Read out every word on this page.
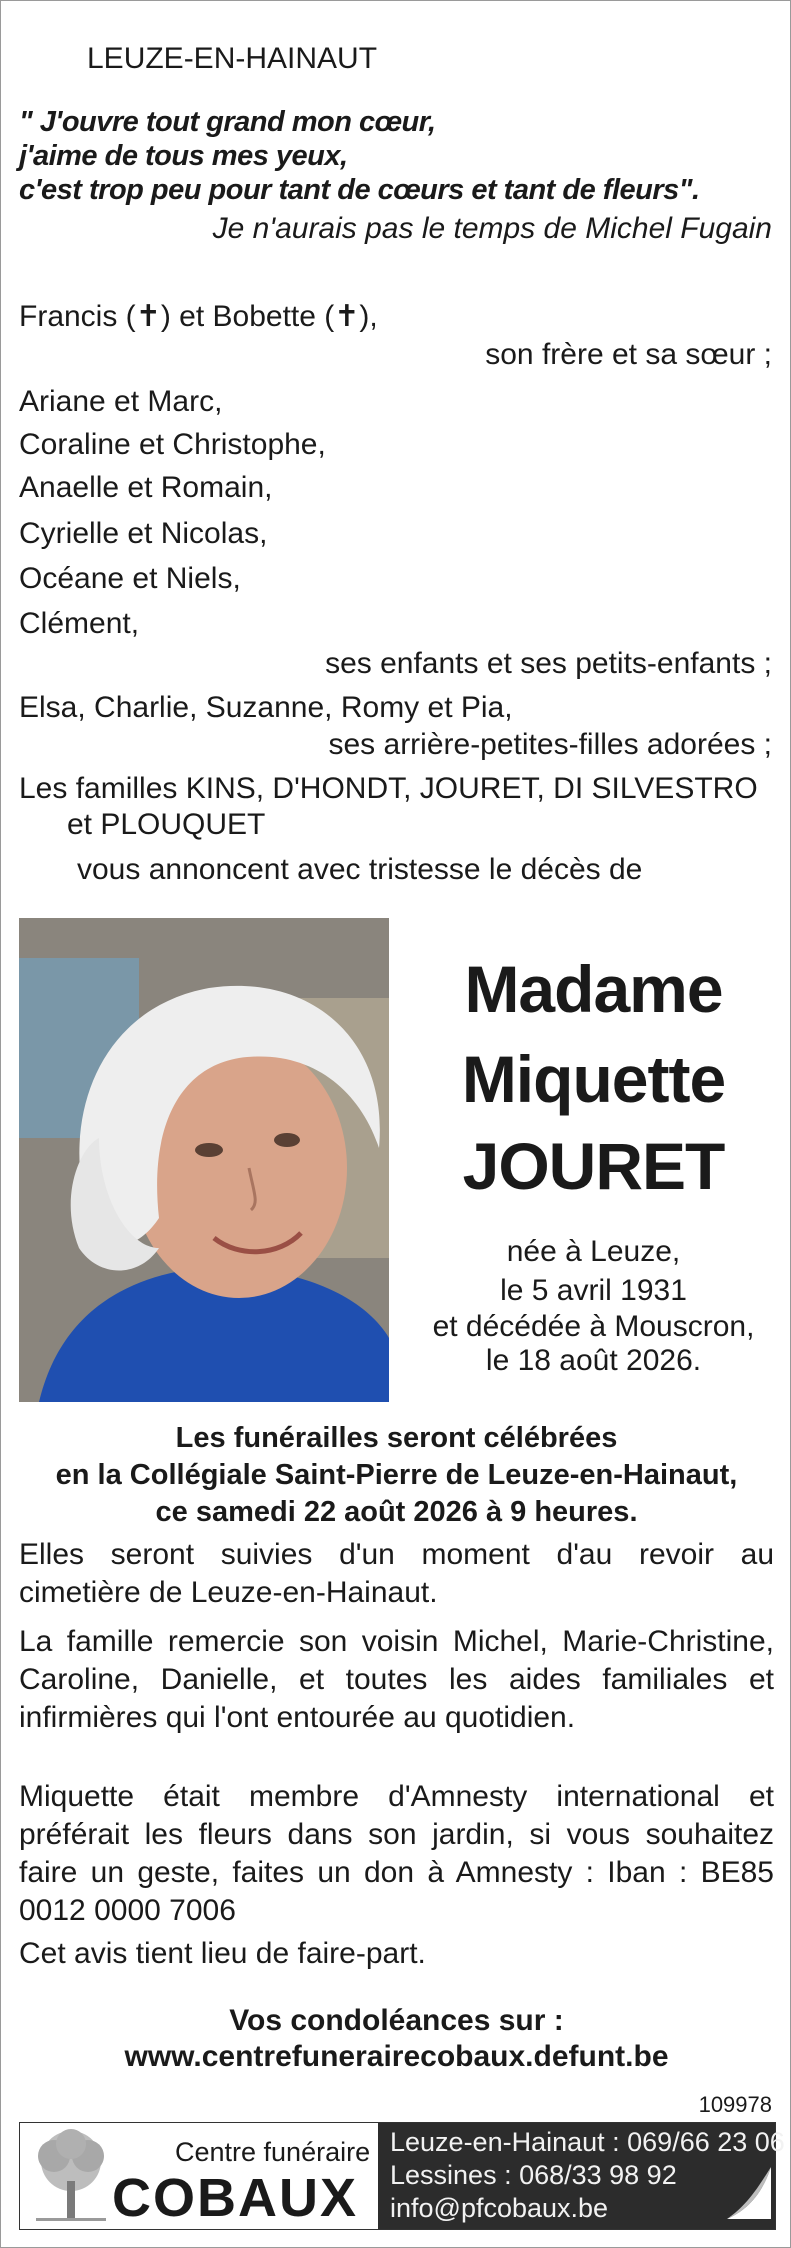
LEUZE-EN-HAINAUT
" J'ouvre tout grand mon cœur,
j'aime de tous mes yeux,
c'est trop peu pour tant de cœurs et tant de fleurs".
Je n'aurais pas le temps de Michel Fugain
Francis (✝) et Bobette (✝),
son frère et sa sœur ;
Ariane et Marc,
Coraline et Christophe,
Anaelle et Romain,
Cyrielle et Nicolas,
Océane et Niels,
Clément,
ses enfants et ses petits-enfants ;
Elsa, Charlie, Suzanne, Romy et Pia,
ses arrière-petites-filles adorées ;
Les familles KINS, D'HONDT, JOURET, DI SILVESTRO
et PLOUQUET
vous annoncent avec tristesse le décès de
Madame
Miquette
JOURET
née à Leuze,
le 5 avril 1931
et décédée à Mouscron,
le 18 août 2026.
Les funérailles seront célébrées
en la Collégiale Saint-Pierre de Leuze-en-Hainaut,
ce samedi 22 août 2026 à 9 heures.
Elles seront suivies d'un moment d'au revoir au cimetière de Leuze-en-Hainaut.
La famille remercie son voisin Michel, Marie-Christine, Caroline, Danielle, et toutes les aides familiales et infirmières qui l'ont entourée au quotidien.
Miquette était membre d'Amnesty international et préférait les fleurs dans son jardin, si vous souhaitez faire un geste, faites un don à Amnesty : Iban : BE85 0012 0000 7006
Cet avis tient lieu de faire-part.
Vos condoléances sur :
www.centrefunerairecobaux.defunt.be
109978
Centre funéraire
COBAUX
Leuze-en-Hainaut : 069/66 23 06
Lessines : 068/33 98 92
info@pfcobaux.be
